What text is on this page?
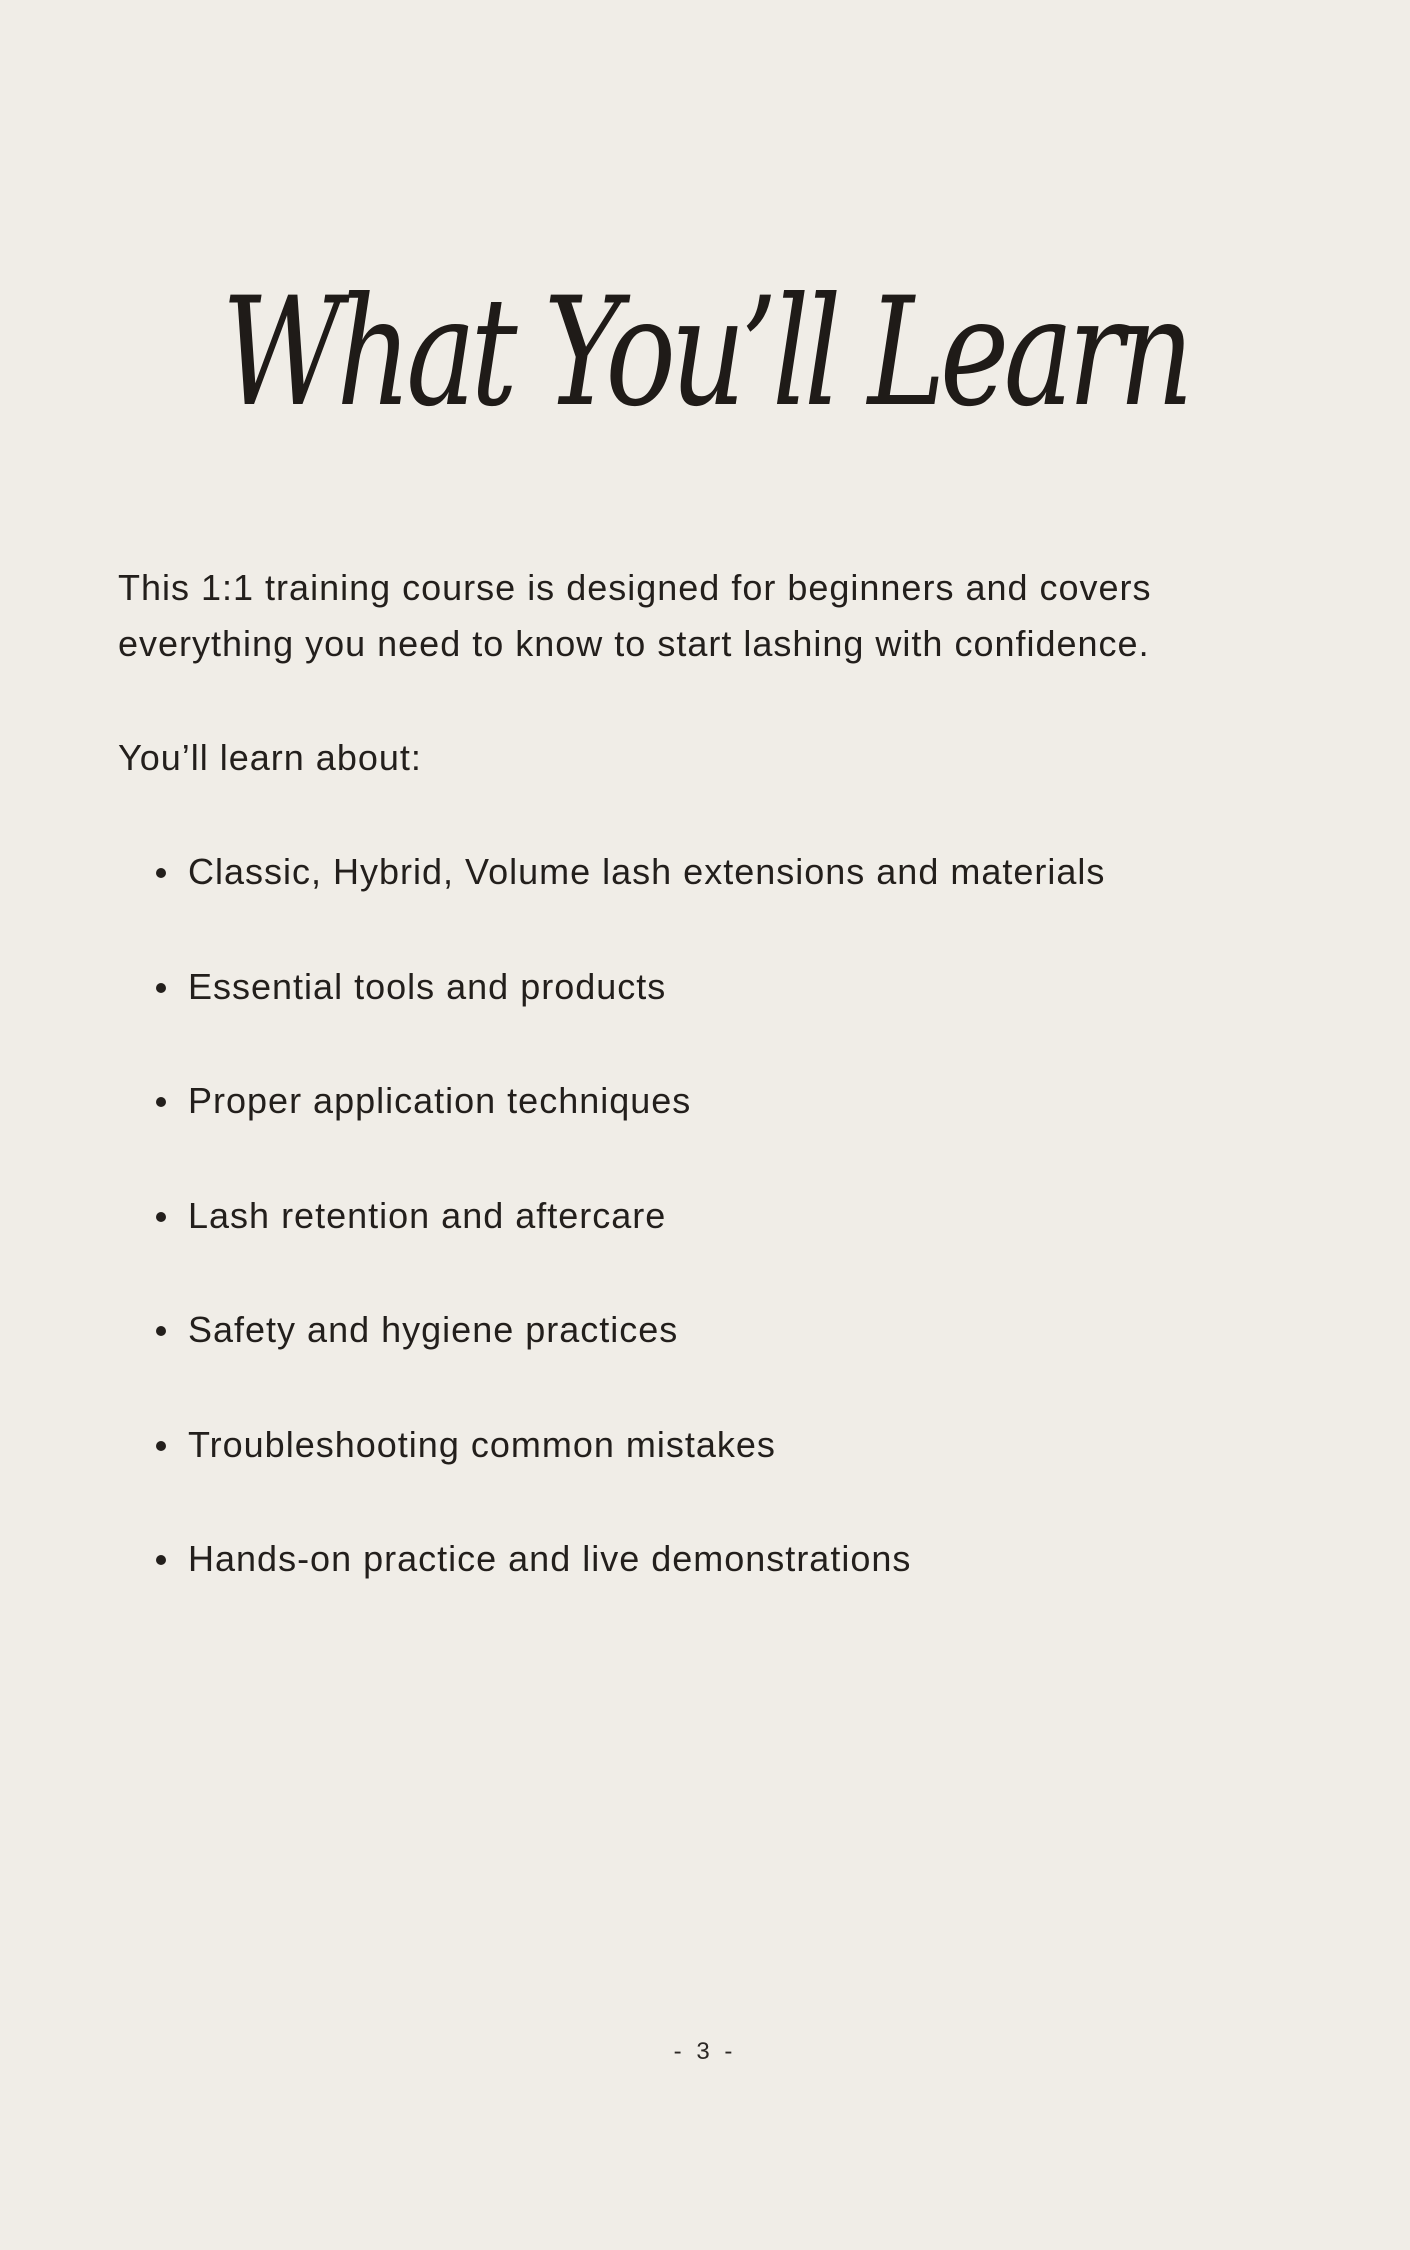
What You’ll Learn

This 1:1 training course is designed for beginners and covers everything you need to know to start lashing with confidence.

You’ll learn about:

Classic, Hybrid, Volume lash extensions and materials
Essential tools and products
Proper application techniques
Lash retention and aftercare
Safety and hygiene practices
Troubleshooting common mistakes
Hands-on practice and live demonstrations
- 3 -
